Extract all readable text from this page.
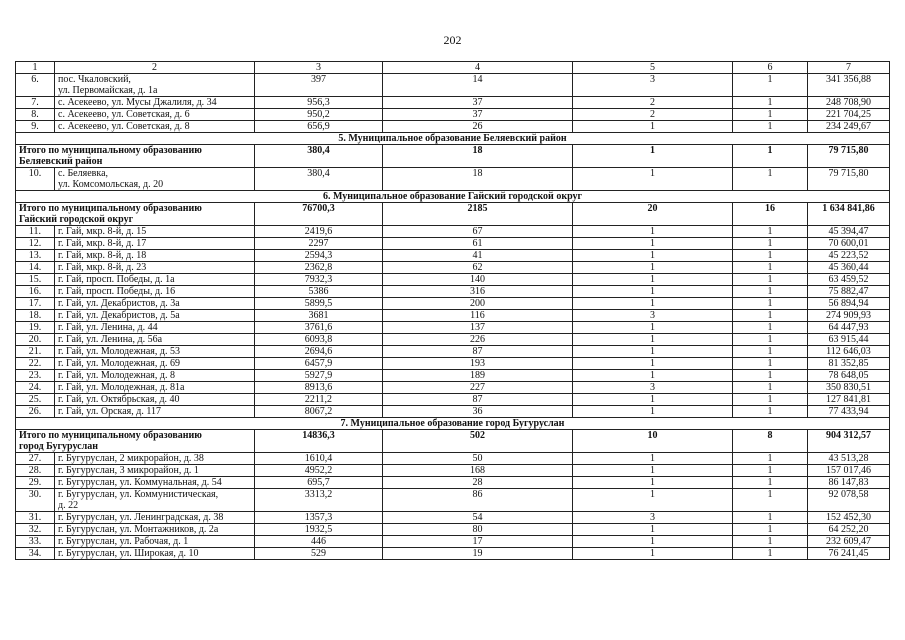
202
1	2	3	4	5	6	7
6.	пос. Чкаловский,
ул. Первомайская, д. 1а	397	14	3	1	341 356,88
7.	с. Асекеево, ул. Мусы Джалиля, д. 34	956,3	37	2	1	248 708,90
8.	с. Асекеево, ул. Советская, д. 6	950,2	37	2	1	221 704,25
9.	с. Асекеево, ул. Советская, д. 8	656,9	26	1	1	234 249,67
5. Муниципальное образование Беляевский район						
Итого по муниципальному образованию
Беляевский район		380,4	18	1	1	79 715,80
10.	с. Беляевка,
ул. Комсомольская, д. 20	380,4	18	1	1	79 715,80
6. Муниципальное образование Гайский городской округ						
Итого по муниципальному образованию
Гайский городской округ		76700,3	2185	20	16	1 634 841,86
11.	г. Гай, мкр. 8-й, д. 15	2419,6	67	1	1	45 394,47
12.	г. Гай, мкр. 8-й, д. 17	2297	61	1	1	70 600,01
13.	г. Гай, мкр. 8-й, д. 18	2594,3	41	1	1	45 223,52
14.	г. Гай, мкр. 8-й, д. 23	2362,8	62	1	1	45 360,44
15.	г. Гай, просп. Победы, д. 1а	7932,3	140	1	1	63 459,52
16.	г. Гай, просп. Победы, д. 16	5386	316	1	1	75 882,47
17.	г. Гай, ул. Декабристов, д. 3а	5899,5	200	1	1	56 894,94
18.	г. Гай, ул. Декабристов, д. 5а	3681	116	3	1	274 909,93
19.	г. Гай, ул. Ленина, д. 44	3761,6	137	1	1	64 447,93
20.	г. Гай, ул. Ленина, д. 56а	6093,8	226	1	1	63 915,44
21.	г. Гай, ул. Молодежная, д. 53	2694,6	87	1	1	112 646,03
22.	г. Гай, ул. Молодежная, д. 69	6457,9	193	1	1	81 352,85
23.	г. Гай, ул. Молодежная, д. 8	5927,9	189	1	1	78 648,05
24.	г. Гай, ул. Молодежная, д. 81а	8913,6	227	3	1	350 830,51
25.	г. Гай, ул. Октябрьская, д. 40	2211,2	87	1	1	127 841,81
26.	г. Гай, ул. Орская, д. 117	8067,2	36	1	1	77 433,94
7. Муниципальное образование город Бугуруслан						
Итого по муниципальному образованию
город Бугуруслан		14836,3	502	10	8	904 312,57
27.	г. Бугуруслан, 2 микрорайон, д. 38	1610,4	50	1	1	43 513,28
28.	г. Бугуруслан, 3 микрорайон, д. 1	4952,2	168	1	1	157 017,46
29.	г. Бугуруслан, ул. Коммунальная, д. 54	695,7	28	1	1	86 147,83
30.	г. Бугуруслан, ул. Коммунистическая,
д. 22	3313,2	86	1	1	92 078,58
31.	г. Бугуруслан, ул. Ленинградская, д. 38	1357,3	54	3	1	152 452,30
32.	г. Бугуруслан, ул. Монтажников, д. 2а	1932,5	80	1	1	64 252,20
33.	г. Бугуруслан, ул. Рабочая, д. 1	446	17	1	1	232 609,47
34.	г. Бугуруслан, ул. Широкая, д. 10	529	19	1	1	76 241,45
